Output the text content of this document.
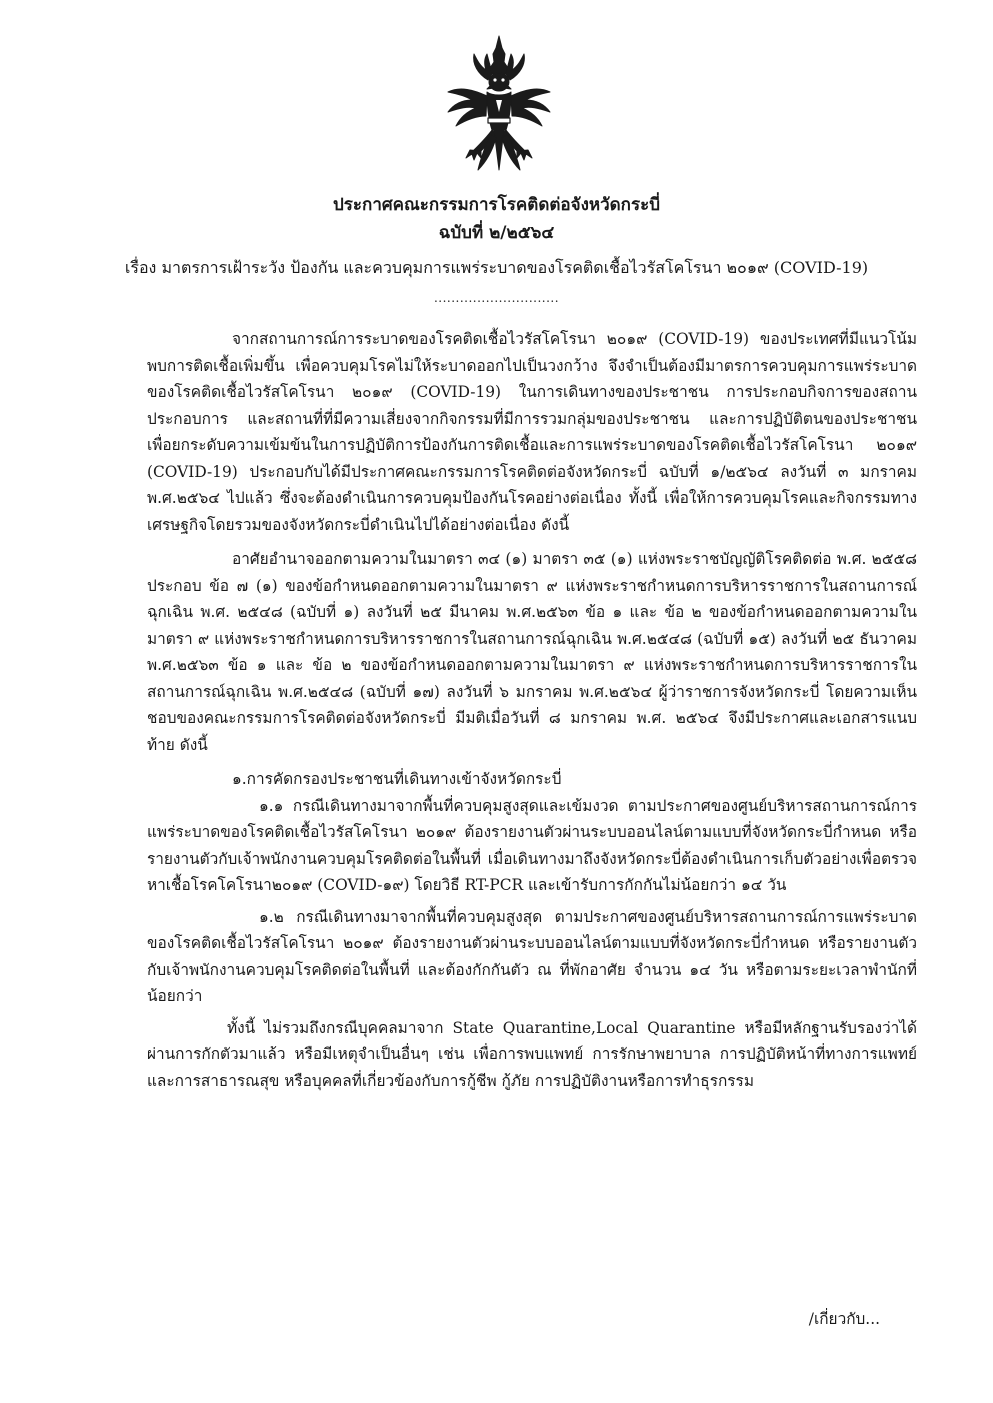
ประกาศคณะกรรมการโรคติดต่อจังหวัดกระบี่
ฉบับที่ ๒/๒๕๖๔
เรื่อง มาตรการเฝ้าระวัง ป้องกัน และควบคุมการแพร่ระบาดของโรคติดเชื้อไวรัสโคโรนา ๒๐๑๙ (COVID-19)
.............................

จากสถานการณ์การระบาดของโรคติดเชื้อไวรัสโคโรนา ๒๐๑๙ (COVID-19) ของประเทศที่มีแนวโน้มพบการติดเชื้อเพิ่มขึ้น เพื่อควบคุมโรคไม่ให้ระบาดออกไปเป็นวงกว้าง จึงจำเป็นต้องมีมาตรการควบคุมการแพร่ระบาดของโรคติดเชื้อไวรัสโคโรนา ๒๐๑๙ (COVID-19) ในการเดินทางของประชาชน การประกอบกิจการของสถานประกอบการ และสถานที่ที่มีความเสี่ยงจากกิจกรรมที่มีการรวมกลุ่มของประชาชน และการปฏิบัติตนของประชาชน เพื่อยกระดับความเข้มข้นในการปฏิบัติการป้องกันการติดเชื้อและการแพร่ระบาดของโรคติดเชื้อไวรัสโคโรนา ๒๐๑๙ (COVID-19) ประกอบกับได้มีประกาศคณะกรรมการโรคติดต่อจังหวัดกระบี่ ฉบับที่ ๑/๒๕๖๔ ลงวันที่ ๓ มกราคม พ.ศ.๒๕๖๔ ไปแล้ว ซึ่งจะต้องดำเนินการควบคุมป้องกันโรคอย่างต่อเนื่อง ทั้งนี้ เพื่อให้การควบคุมโรคและกิจกรรมทางเศรษฐกิจโดยรวมของจังหวัดกระบี่ดำเนินไปได้อย่างต่อเนื่อง ดังนี้

อาศัยอำนาจออกตามความในมาตรา ๓๔ (๑) มาตรา ๓๕ (๑) แห่งพระราชบัญญัติโรคติดต่อ พ.ศ. ๒๕๕๘ ประกอบ ข้อ ๗ (๑) ของข้อกำหนดออกตามความในมาตรา ๙ แห่งพระราชกำหนดการบริหารราชการในสถานการณ์ฉุกเฉิน พ.ศ. ๒๕๔๘ (ฉบับที่ ๑) ลงวันที่ ๒๕ มีนาคม พ.ศ.๒๕๖๓ ข้อ ๑ และ ข้อ ๒ ของข้อกำหนดออกตามความในมาตรา ๙ แห่งพระราชกำหนดการบริหารราชการในสถานการณ์ฉุกเฉิน พ.ศ.๒๕๔๘ (ฉบับที่ ๑๕) ลงวันที่ ๒๕ ธันวาคม พ.ศ.๒๕๖๓ ข้อ ๑ และ ข้อ ๒ ของข้อกำหนดออกตามความในมาตรา ๙ แห่งพระราชกำหนดการบริหารราชการในสถานการณ์ฉุกเฉิน พ.ศ.๒๕๔๘ (ฉบับที่ ๑๗) ลงวันที่ ๖ มกราคม พ.ศ.๒๕๖๔ ผู้ว่าราชการจังหวัดกระบี่ โดยความเห็นชอบของคณะกรรมการโรคติดต่อจังหวัดกระบี่ มีมติเมื่อวันที่ ๘ มกราคม พ.ศ. ๒๕๖๔ จึงมีประกาศและเอกสารแนบท้าย ดังนี้

๑.การคัดกรองประชาชนที่เดินทางเข้าจังหวัดกระบี่

๑.๑ กรณีเดินทางมาจากพื้นที่ควบคุมสูงสุดและเข้มงวด ตามประกาศของศูนย์บริหารสถานการณ์การแพร่ระบาดของโรคติดเชื้อไวรัสโคโรนา ๒๐๑๙ ต้องรายงานตัวผ่านระบบออนไลน์ตามแบบที่จังหวัดกระบี่กำหนด หรือรายงานตัวกับเจ้าพนักงานควบคุมโรคติดต่อในพื้นที่ เมื่อเดินทางมาถึงจังหวัดกระบี่ต้องดำเนินการเก็บตัวอย่างเพื่อตรวจหาเชื้อโรคโคโรนา๒๐๑๙ (COVID-๑๙) โดยวิธี RT-PCR และเข้ารับการกักกันไม่น้อยกว่า ๑๔ วัน

๑.๒ กรณีเดินทางมาจากพื้นที่ควบคุมสูงสุด ตามประกาศของศูนย์บริหารสถานการณ์การแพร่ระบาดของโรคติดเชื้อไวรัสโคโรนา ๒๐๑๙ ต้องรายงานตัวผ่านระบบออนไลน์ตามแบบที่จังหวัดกระบี่กำหนด หรือรายงานตัวกับเจ้าพนักงานควบคุมโรคติดต่อในพื้นที่ และต้องกักกันตัว ณ ที่พักอาศัย จำนวน ๑๔ วัน หรือตามระยะเวลาพำนักที่น้อยกว่า

ทั้งนี้ ไม่รวมถึงกรณีบุคคลมาจาก State Quarantine,Local Quarantine หรือมีหลักฐานรับรองว่าได้ผ่านการกักตัวมาแล้ว หรือมีเหตุจำเป็นอื่นๆ เช่น เพื่อการพบแพทย์ การรักษาพยาบาล การปฏิบัติหน้าที่ทางการแพทย์และการสาธารณสุข หรือบุคคลที่เกี่ยวข้องกับการกู้ชีพ กู้ภัย การปฏิบัติงานหรือการทำธุรกรรม

/เกี่ยวกับ...
